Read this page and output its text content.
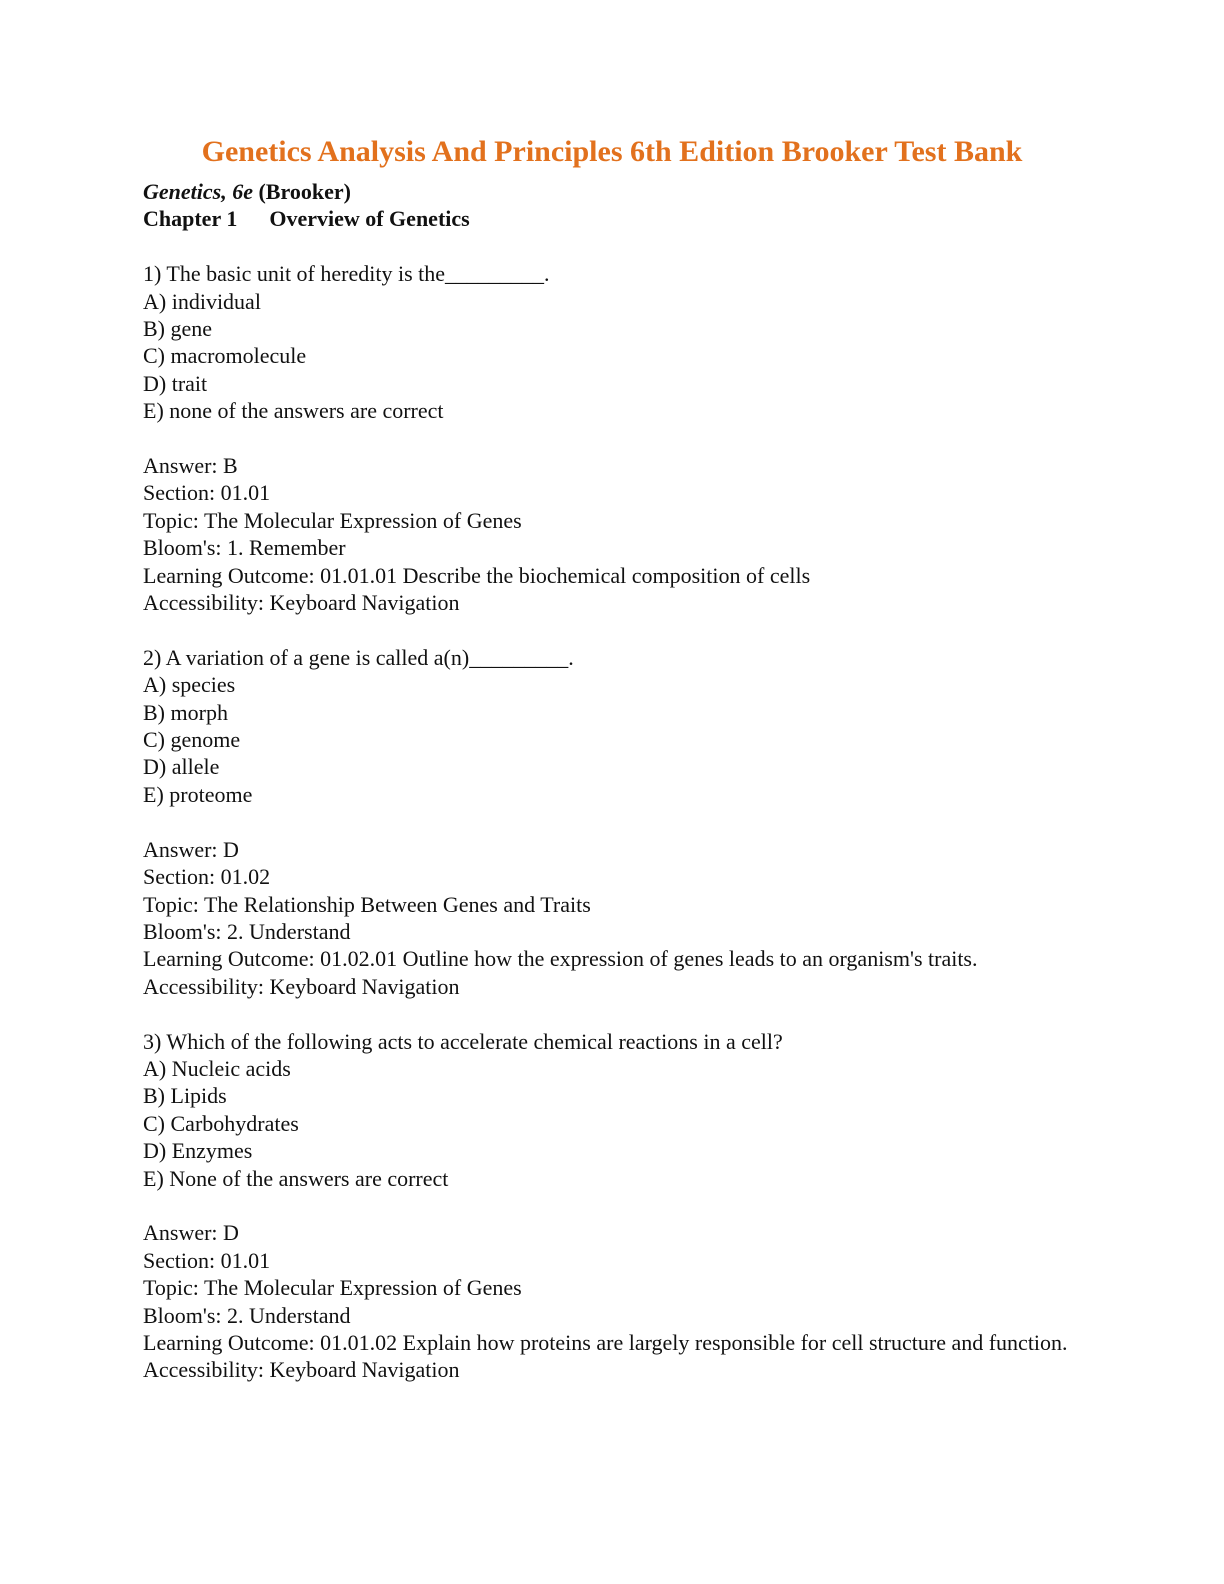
Genetics Analysis And Principles 6th Edition Brooker Test Bank
Genetics, 6e (Brooker)
Chapter 1 Overview of Genetics
1) The basic unit of heredity is the_________.
A) individual
B) gene
C) macromolecule
D) trait
E) none of the answers are correct
Answer: B
Section: 01.01
Topic: The Molecular Expression of Genes
Bloom's: 1. Remember
Learning Outcome: 01.01.01 Describe the biochemical composition of cells
Accessibility: Keyboard Navigation
2) A variation of a gene is called a(n)_________.
A) species
B) morph
C) genome
D) allele
E) proteome
Answer: D
Section: 01.02
Topic: The Relationship Between Genes and Traits
Bloom's: 2. Understand
Learning Outcome: 01.02.01 Outline how the expression of genes leads to an organism's traits.
Accessibility: Keyboard Navigation
3) Which of the following acts to accelerate chemical reactions in a cell?
A) Nucleic acids
B) Lipids
C) Carbohydrates
D) Enzymes
E) None of the answers are correct
Answer: D
Section: 01.01
Topic: The Molecular Expression of Genes
Bloom's: 2. Understand
Learning Outcome: 01.01.02 Explain how proteins are largely responsible for cell structure and function.
Accessibility: Keyboard Navigation
